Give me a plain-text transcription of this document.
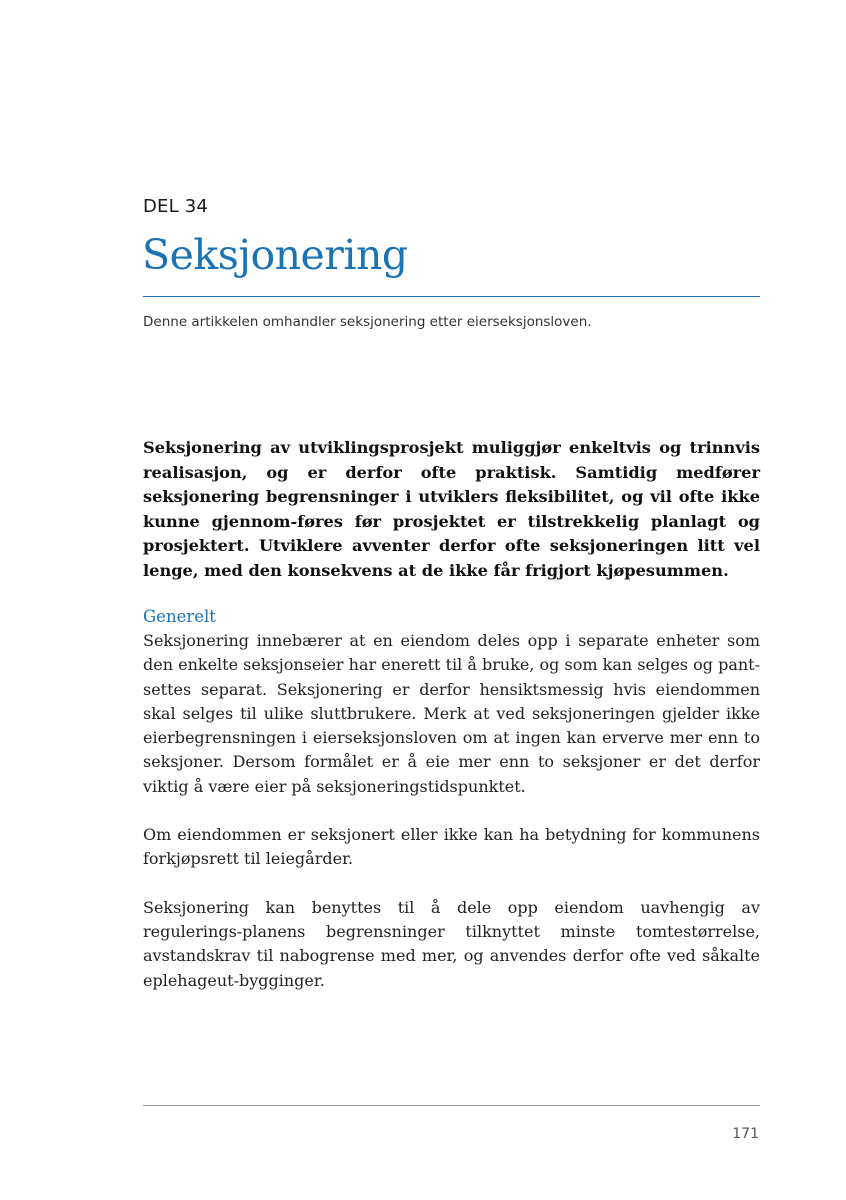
DEL 34

Seksjonering

Denne artikkelen omhandler seksjonering etter eierseksjonsloven.

Seksjonering av utviklingsprosjekt muliggjør enkeltvis og trinnvis realisasjon, og er derfor ofte praktisk. Samtidig medfører seksjonering begrensninger i utviklers fleksibilitet, og vil ofte ikke kunne gjennom-føres før prosjektet er tilstrekkelig planlagt og prosjektert. Utviklere avventer derfor ofte seksjoneringen litt vel lenge, med den konsekvens at de ikke får frigjort kjøpesummen.

Generelt

Seksjonering innebærer at en eiendom deles opp i separate enheter som den enkelte seksjonseier har enerett til å bruke, og som kan selges og pant-settes separat. Seksjonering er derfor hensiktsmessig hvis eiendommen skal selges til ulike sluttbrukere. Merk at ved seksjoneringen gjelder ikke eierbegrensningen i eierseksjonsloven om at ingen kan erverve mer enn to seksjoner. Dersom formålet er å eie mer enn to seksjoner er det derfor viktig å være eier på seksjoneringstidspunktet.

Om eiendommen er seksjonert eller ikke kan ha betydning for kommunens forkjøpsrett til leiegårder.

Seksjonering kan benyttes til å dele opp eiendom uavhengig av regulerings-planens begrensninger tilknyttet minste tomtestørrelse, avstandskrav til nabogrense med mer, og anvendes derfor ofte ved såkalte eplehageut-bygginger.

171
